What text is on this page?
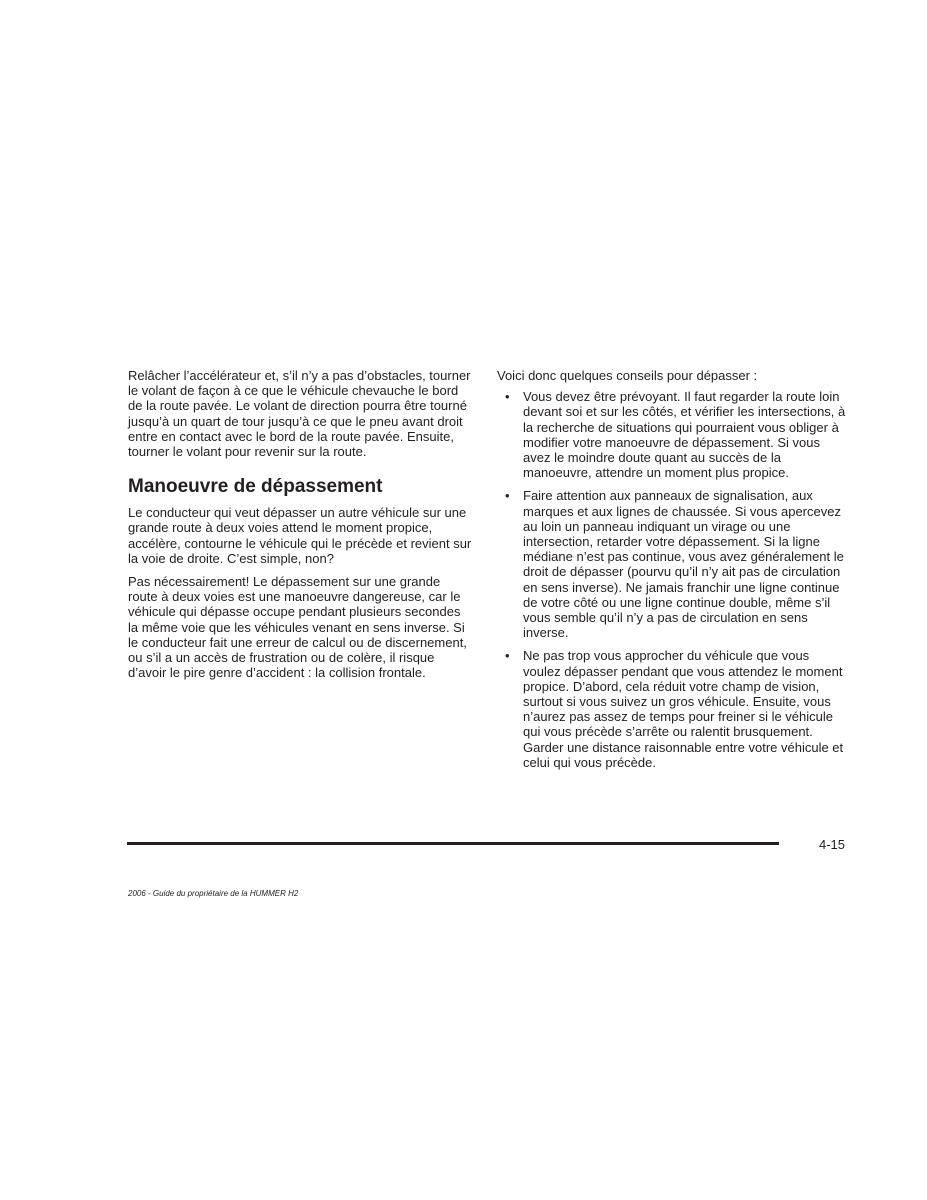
Relâcher l’accélérateur et, s’il n’y a pas d’obstacles, tourner le volant de façon à ce que le véhicule chevauche le bord de la route pavée. Le volant de direction pourra être tourné jusqu’à un quart de tour jusqu’à ce que le pneu avant droit entre en contact avec le bord de la route pavée. Ensuite, tourner le volant pour revenir sur la route.

Manoeuvre de dépassement

Le conducteur qui veut dépasser un autre véhicule sur une grande route à deux voies attend le moment propice, accélère, contourne le véhicule qui le précède et revient sur la voie de droite. C’est simple, non?

Pas nécessairement! Le dépassement sur une grande route à deux voies est une manoeuvre dangereuse, car le véhicule qui dépasse occupe pendant plusieurs secondes la même voie que les véhicules venant en sens inverse. Si le conducteur fait une erreur de calcul ou de discernement, ou s’il a un accès de frustration ou de colère, il risque d’avoir le pire genre d’accident : la collision frontale.

Voici donc quelques conseils pour dépasser :

• Vous devez être prévoyant. Il faut regarder la route loin devant soi et sur les côtés, et vérifier les intersections, à la recherche de situations qui pourraient vous obliger à modifier votre manoeuvre de dépassement. Si vous avez le moindre doute quant au succès de la manoeuvre, attendre un moment plus propice.
• Faire attention aux panneaux de signalisation, aux marques et aux lignes de chaussée. Si vous apercevez au loin un panneau indiquant un virage ou une intersection, retarder votre dépassement. Si la ligne médiane n’est pas continue, vous avez généralement le droit de dépasser (pourvu qu’il n’y ait pas de circulation en sens inverse). Ne jamais franchir une ligne continue de votre côté ou une ligne continue double, même s’il vous semble qu’il n’y a pas de circulation en sens inverse.
• Ne pas trop vous approcher du véhicule que vous voulez dépasser pendant que vous attendez le moment propice. D’abord, cela réduit votre champ de vision, surtout si vous suivez un gros véhicule. Ensuite, vous n’aurez pas assez de temps pour freiner si le véhicule qui vous précède s’arrête ou ralentit brusquement. Garder une distance raisonnable entre votre véhicule et celui qui vous précède.
4-15
2006 - Guide du propriétaire de la HUMMER H2
